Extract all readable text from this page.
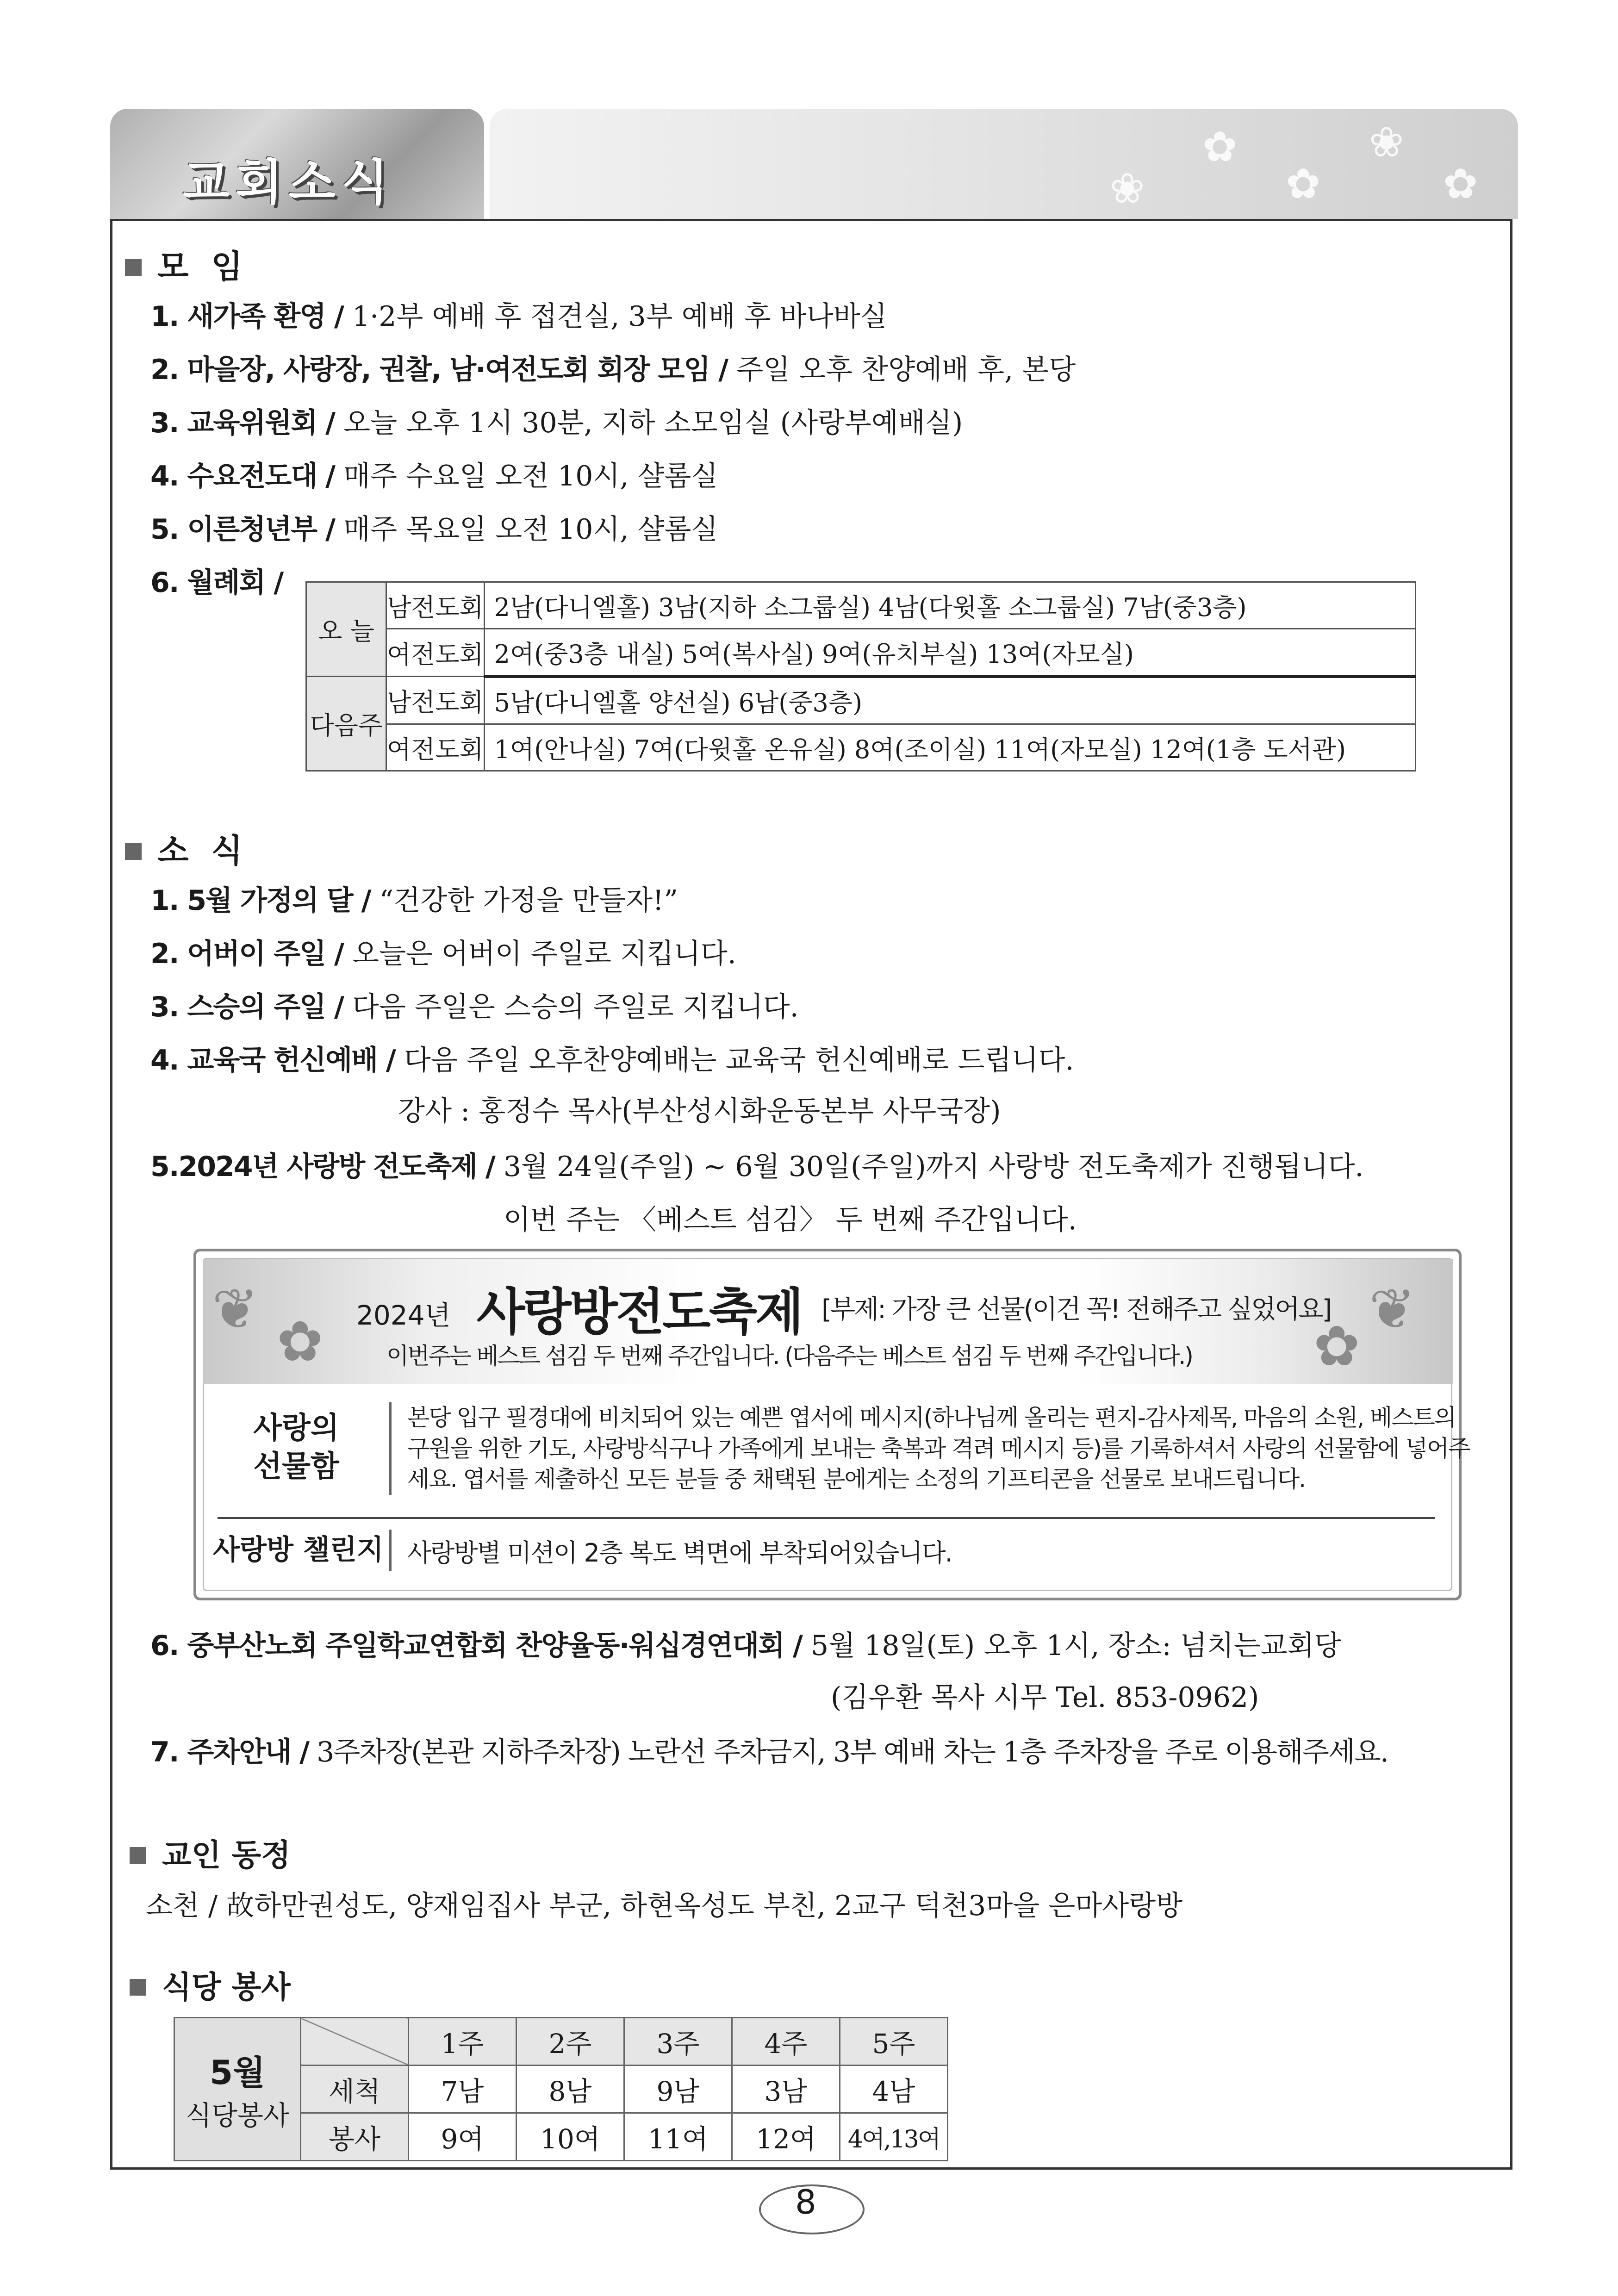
교회소식
✿
✿
❀
✿
❀
모  임
1. 새가족 환영 / 1·2부 예배 후 접견실, 3부 예배 후 바나바실
2. 마을장, 사랑장, 권찰, 남·여전도회 회장 모임 / 주일 오후 찬양예배 후, 본당
3. 교육위원회 / 오늘 오후 1시 30분, 지하 소모임실 (사랑부예배실)
4. 수요전도대 / 매주 수요일 오전 10시, 샬롬실
5. 이른청년부 / 매주 목요일 오전 10시, 샬롬실
6. 월례회 /
오 늘	남전도회	2남(다니엘홀) 3남(지하 소그룹실) 4남(다윗홀 소그룹실) 7남(중3층)
	여전도회	2여(중3층 내실) 5여(복사실) 9여(유치부실) 13여(자모실)
다음주	남전도회	5남(다니엘홀 양선실) 6남(중3층)
	여전도회	1여(안나실) 7여(다윗홀 온유실) 8여(조이실) 11여(자모실) 12여(1층 도서관)
소  식
1. 5월 가정의 달 / “건강한 가정을 만들자!”
2. 어버이 주일 / 오늘은 어버이 주일로 지킵니다.
3. 스승의 주일 / 다음 주일은 스승의 주일로 지킵니다.
4. 교육국 헌신예배 / 다음 주일 오후찬양예배는 교육국 헌신예배로 드립니다.
강사 : 홍정수 목사(부산성시화운동본부 사무국장)
5.2024년 사랑방 전도축제 / 3월 24일(주일) ~ 6월 30일(주일)까지 사랑방 전도축제가 진행됩니다.
이번 주는 〈베스트 섬김〉 두 번째 주간입니다.
❦
✿
❦
✿
2024년 사랑방전도축제 [부제: 가장 큰 선물(이건 꼭! 전해주고 싶었어요]
이번주는 베스트 섬김 두 번째 주간입니다. (다음주는 베스트 섬김 두 번째 주간입니다.)
사랑의
선물함
본당 입구 필경대에 비치되어 있는 예쁜 엽서에 메시지(하나님께 올리는 편지-감사제목, 마음의 소원, 베스트의
구원을 위한 기도, 사랑방식구나 가족에게 보내는 축복과 격려 메시지 등)를 기록하셔서 사랑의 선물함에 넣어주
세요. 엽서를 제출하신 모든 분들 중 채택된 분에게는 소정의 기프티콘을 선물로 보내드립니다.
사랑방 챌린지 사랑방별 미션이 2층 복도 벽면에 부착되어있습니다.
6. 중부산노회 주일학교연합회 찬양율동·워십경연대회 / 5월 18일(토) 오후 1시, 장소: 넘치는교회당
(김우환 목사 시무 Tel. 853-0962)
7. 주차안내 / 3주차장(본관 지하주차장) 노란선 주차금지, 3부 예배 차는 1층 주차장을 주로 이용해주세요.
교인 동정
소천 / 故하만권성도, 양재임집사 부군, 하현옥성도 부친, 2교구 덕천3마을 은마사랑방
식당 봉사
5월
식당봉사		1주	2주	3주	4주	5주
	세척	7남	8남	9남	3남	4남
	봉사	9여	10여	11여	12여	4여,13여
8
